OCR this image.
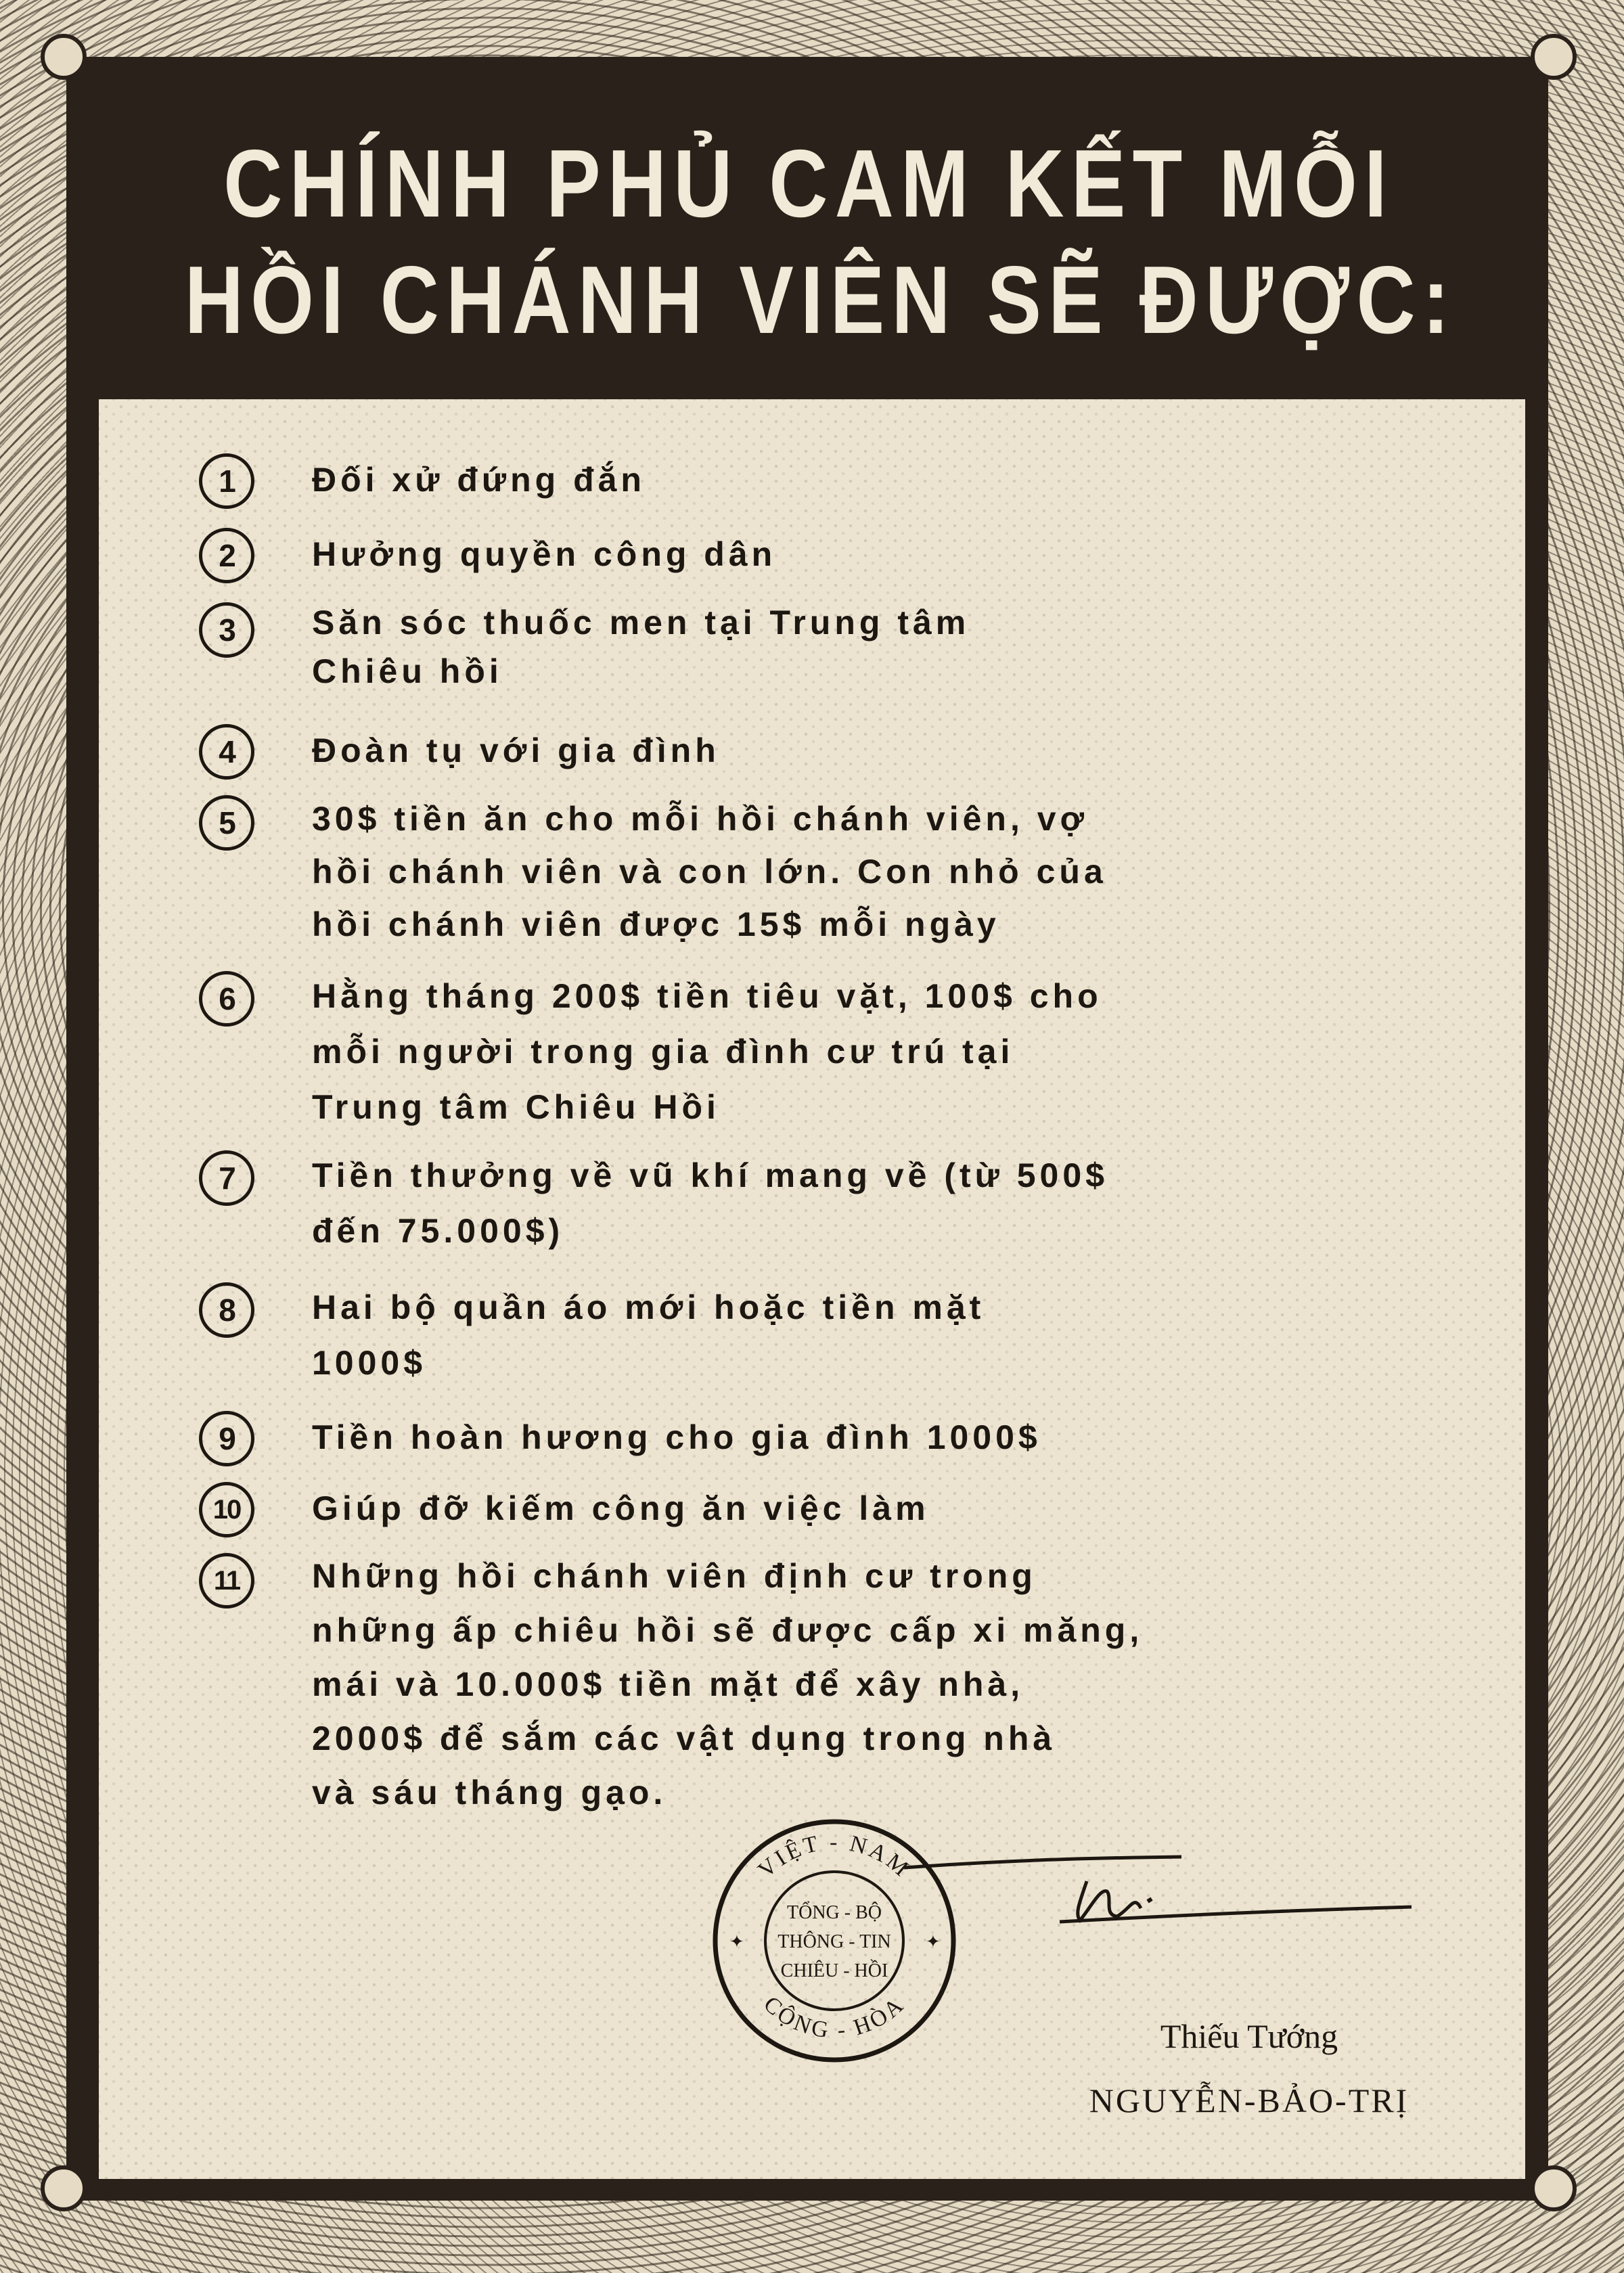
CHÍNH PHỦ CAM KẾT MỖI
HỒI CHÁNH VIÊN SẼ ĐƯỢC:
1	Đối xử đứng đắn
2	Hưởng quyền công dân
3	Săn sóc thuốc men tại Trung tâm
Chiêu hồi
4	Đoàn tụ với gia đình
5	30$ tiền ăn cho mỗi hồi chánh viên, vợ
hồi chánh viên và con lớn. Con nhỏ của
hồi chánh viên được 15$ mỗi ngày
6	Hằng tháng 200$ tiền tiêu vặt, 100$ cho
mỗi người trong gia đình cư trú tại
Trung tâm Chiêu Hồi
7	Tiền thưởng về vũ khí mang về (từ 500$
đến 75.000$)
8	Hai bộ quần áo mới hoặc tiền mặt
1000$
9	Tiền hoàn hương cho gia đình 1000$
10	Giúp đỡ kiếm công ăn việc làm
11	Những hồi chánh viên định cư trong
những ấp chiêu hồi sẽ được cấp xi măng,
mái và 10.000$ tiền mặt để xây nhà,
2000$ để sắm các vật dụng trong nhà
và sáu tháng gạo.
VIỆT - NAM
CỘNG - HÒA
TỔNG - BỘ
THÔNG - TIN
CHIÊU - HỒI
✦	✦
Thiếu Tướng
NGUYỄN-BẢO-TRỊ
